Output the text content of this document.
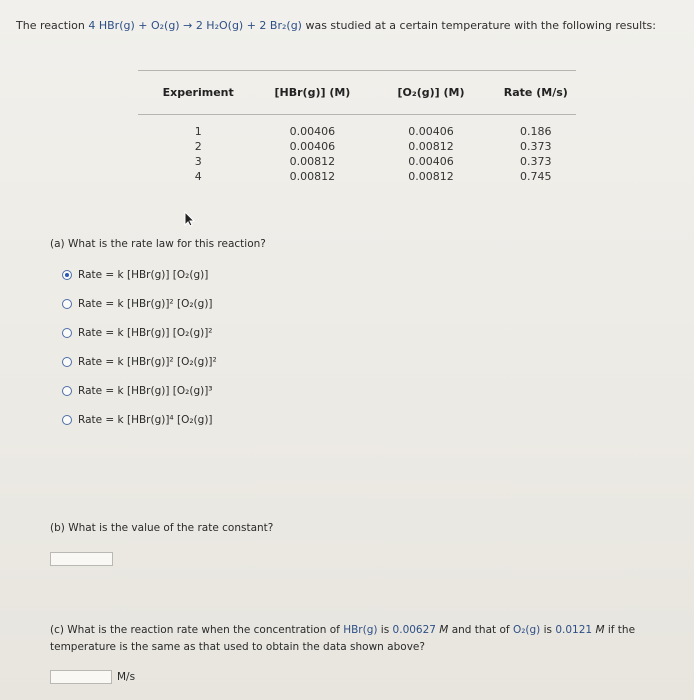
The reaction 4 HBr(g) + O₂(g) → 2 H₂O(g) + 2 Br₂(g) was studied at a certain temperature with the following results:
Experiment	[HBr(g)] (M)	[O₂(g)] (M)	Rate (M/s)
1	0.00406	0.00406	0.186
2	0.00406	0.00812	0.373
3	0.00812	0.00406	0.373
4	0.00812	0.00812	0.745
(a) What is the rate law for this reaction?
Rate = k [HBr(g)] [O₂(g)]
Rate = k [HBr(g)]² [O₂(g)]
Rate = k [HBr(g)] [O₂(g)]²
Rate = k [HBr(g)]² [O₂(g)]²
Rate = k [HBr(g)] [O₂(g)]³
Rate = k [HBr(g)]⁴ [O₂(g)]
(b) What is the value of the rate constant?
(c) What is the reaction rate when the concentration of HBr(g) is 0.00627 M and that of O₂(g) is 0.0121 M if the
temperature is the same as that used to obtain the data shown above?
M/s
